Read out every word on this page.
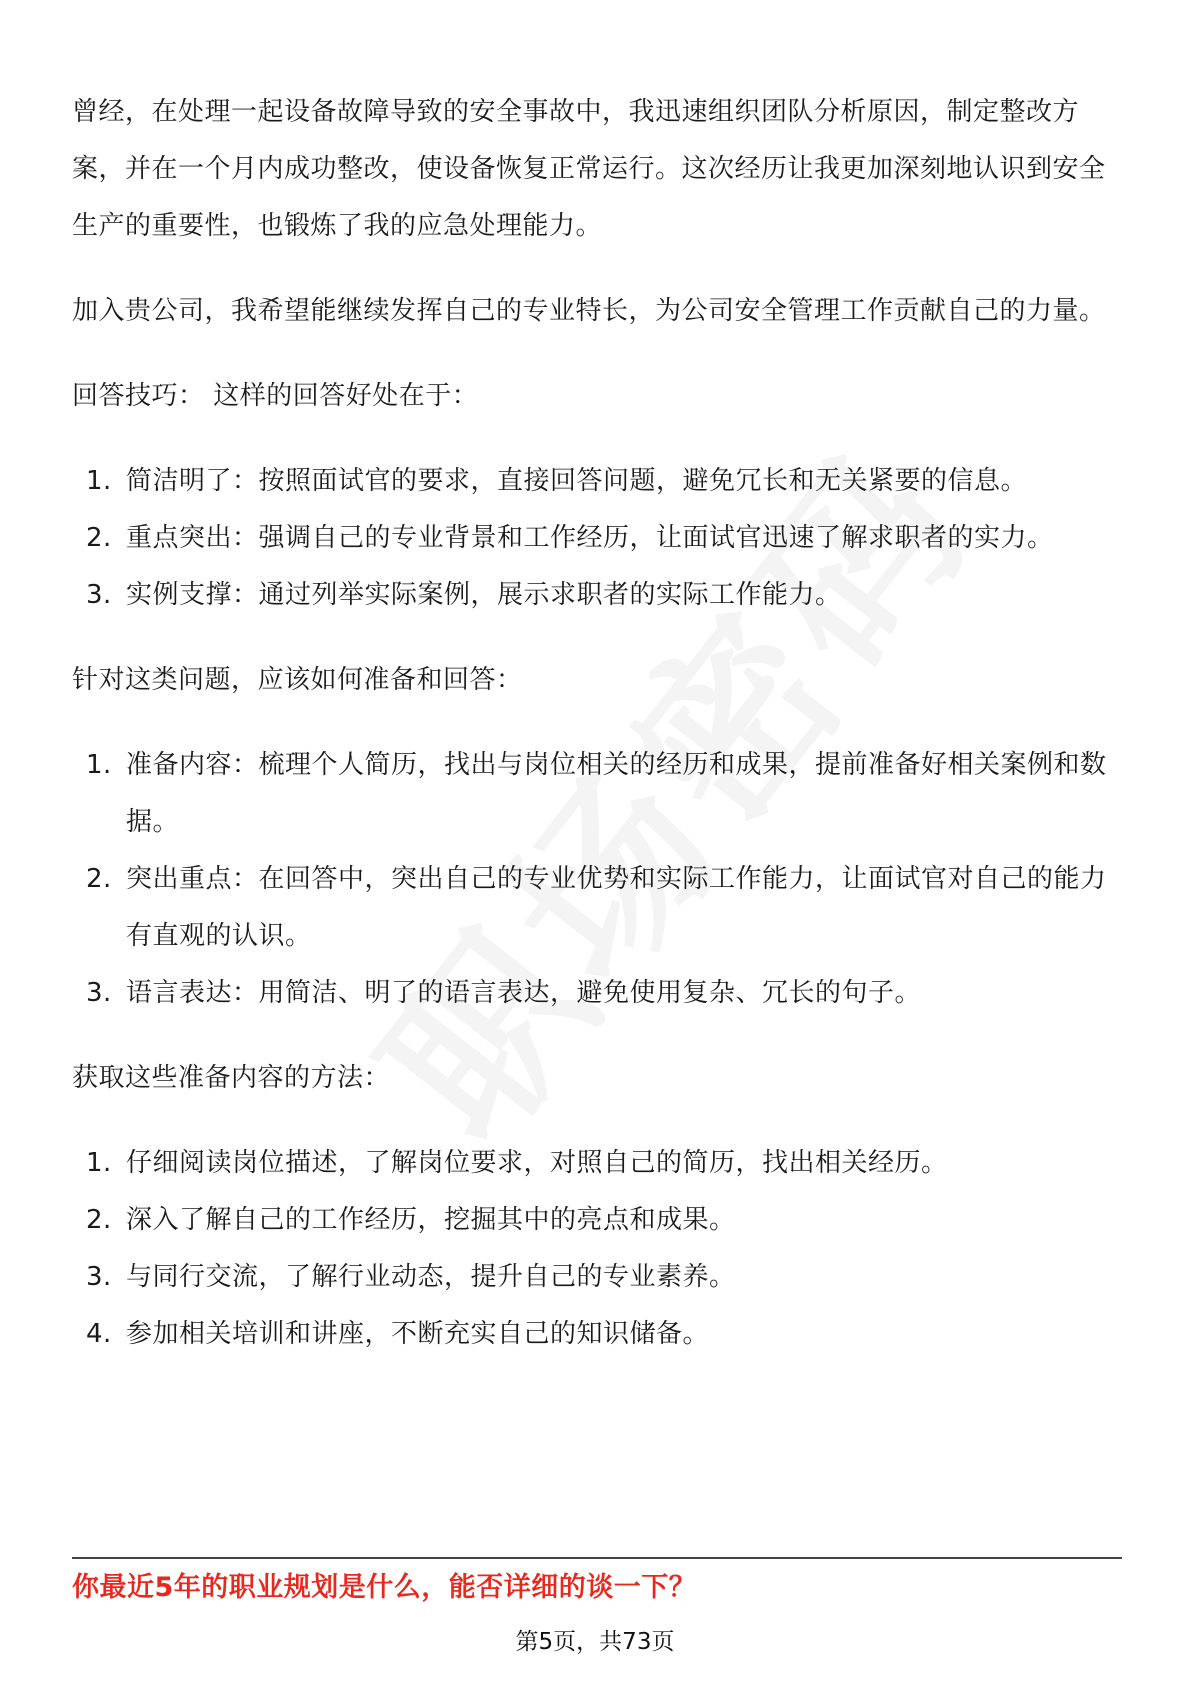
曾经，在处理一起设备故障导致的安全事故中，我迅速组织团队分析原因，制定整改方案，并在一个月内成功整改，使设备恢复正常运行。这次经历让我更加深刻地认识到安全生产的重要性，也锻炼了我的应急处理能力。

加入贵公司，我希望能继续发挥自己的专业特长，为公司安全管理工作贡献自己的力量。

回答技巧： 这样的回答好处在于：

1. 简洁明了：按照面试官的要求，直接回答问题，避免冗长和无关紧要的信息。
2. 重点突出：强调自己的专业背景和工作经历，让面试官迅速了解求职者的实力。
3. 实例支撑：通过列举实际案例，展示求职者的实际工作能力。

针对这类问题，应该如何准备和回答：

1. 准备内容：梳理个人简历，找出与岗位相关的经历和成果，提前准备好相关案例和数据。
2. 突出重点：在回答中，突出自己的专业优势和实际工作能力，让面试官对自己的能力有直观的认识。
3. 语言表达：用简洁、明了的语言表达，避免使用复杂、冗长的句子。

获取这些准备内容的方法：

1. 仔细阅读岗位描述，了解岗位要求，对照自己的简历，找出相关经历。
2. 深入了解自己的工作经历，挖掘其中的亮点和成果。
3. 与同行交流，了解行业动态，提升自己的专业素养。
4. 参加相关培训和讲座，不断充实自己的知识储备。
你最近5年的职业规划是什么，能否详细的谈一下？
第5页，共73页
